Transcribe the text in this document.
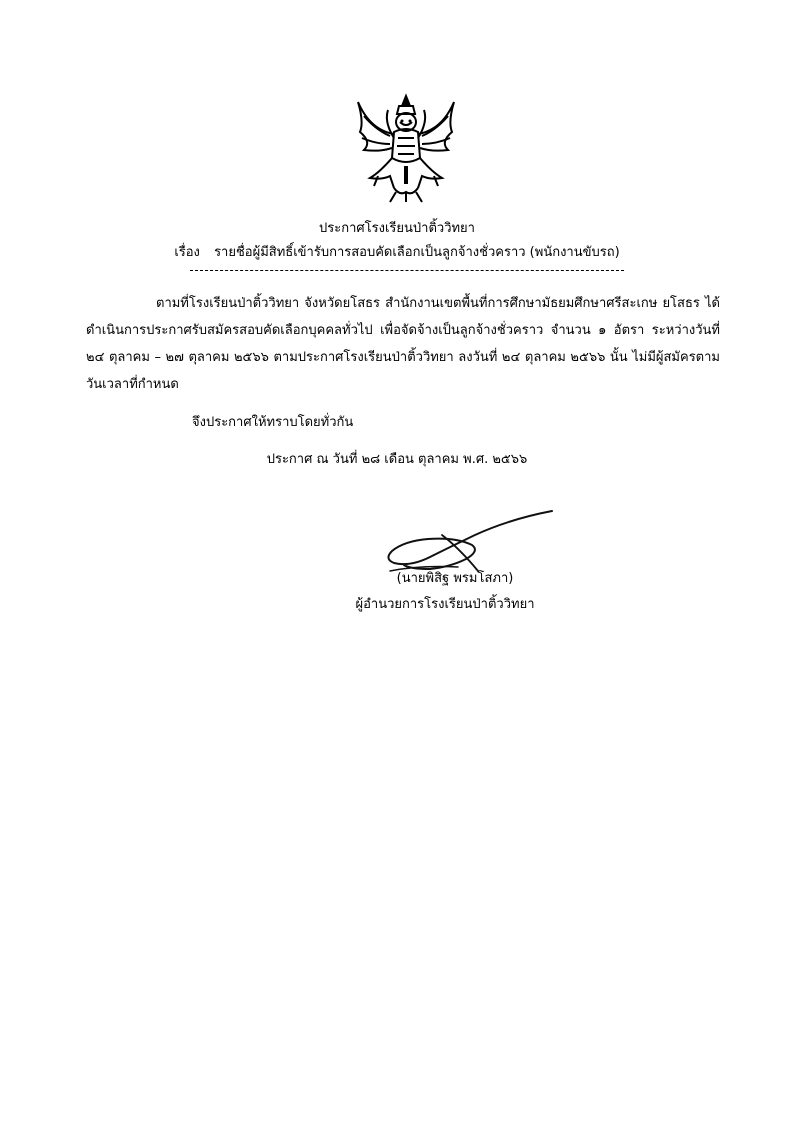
ประกาศโรงเรียนป่าติ้ววิทยา
เรื่อง รายชื่อผู้มีสิทธิ์เข้ารับการสอบคัดเลือกเป็นลูกจ้างชั่วคราว (พนักงานขับรถ)
ตามที่โรงเรียนป่าติ้ววิทยา จังหวัดยโสธร สำนักงานเขตพื้นที่การศึกษามัธยมศึกษาศรีสะเกษ ยโสธร ได้ดำเนินการประกาศรับสมัครสอบคัดเลือกบุคคลทั่วไป เพื่อจัดจ้างเป็นลูกจ้างชั่วคราว จำนวน ๑ อัตรา ระหว่างวันที่ ๒๔ ตุลาคม – ๒๗ ตุลาคม ๒๕๖๖ ตามประกาศโรงเรียนป่าติ้ววิทยา ลงวันที่ ๒๔ ตุลาคม ๒๕๖๖ นั้น ไม่มีผู้สมัครตามวันเวลาที่กำหนด
จึงประกาศให้ทราบโดยทั่วกัน
ประกาศ ณ วันที่ ๒๘ เดือน ตุลาคม พ.ศ. ๒๕๖๖
(นายพิสิฐ พรมโสภา)
ผู้อำนวยการโรงเรียนป่าติ้ววิทยา
